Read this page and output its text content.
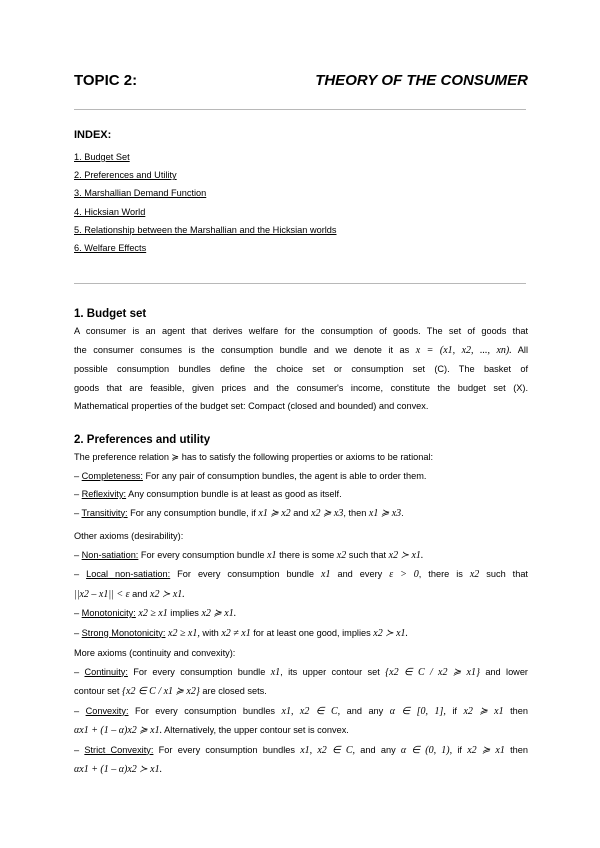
TOPIC 2:	THEORY OF THE CONSUMER
INDEX:
1. Budget Set
2. Preferences and Utility
3. Marshallian Demand Function
4. Hicksian World
5. Relationship between the Marshallian and the Hicksian worlds
6. Welfare Effects
1. Budget set
A consumer is an agent that derives welfare for the consumption of goods. The set of goods that
the consumer consumes is the consumption bundle and we denote it as x = (x1, x2, ..., xn). All
possible consumption bundles define the choice set or consumption set (C). The basket of
goods that are feasible, given prices and the consumer's income, constitute the budget set (X).
Mathematical properties of the budget set: Compact (closed and bounded) and convex.
2. Preferences and utility
The preference relation ≽ has to satisfy the following properties or axioms to be rational:
– Completeness: For any pair of consumption bundles, the agent is able to order them.
– Reflexivity: Any consumption bundle is at least as good as itself.
– Transitivity: For any consumption bundle, if x1 ≽ x2 and x2 ≽ x3, then x1 ≽ x3.
Other axioms (desirability):
– Non-satiation: For every consumption bundle x1 there is some x2 such that x2 ≻ x1.
– Local non-satiation: For every consumption bundle x1 and every ε > 0, there is x2 such that
||x2 – x1|| < ε and x2 ≻ x1.
– Monotonicity: x2 ≥ x1 implies x2 ≽ x1.
– Strong Monotonicity: x2 ≥ x1, with x2 ≠ x1 for at least one good, implies x2 ≻ x1.
More axioms (continuity and convexity):
– Continuity: For every consumption bundle x1, its upper contour set {x2 ∈ C / x2 ≽ x1} and lower
contour set {x2 ∈ C / x1 ≽ x2} are closed sets.
– Convexity: For every consumption bundles x1, x2 ∈ C, and any α ∈ [0, 1], if x2 ≽ x1 then
αx1 + (1 – α)x2 ≽ x1. Alternatively, the upper contour set is convex.
– Strict Convexity: For every consumption bundles x1, x2 ∈ C, and any α ∈ (0, 1), if x2 ≽ x1 then
αx1 + (1 – α)x2 ≻ x1.
